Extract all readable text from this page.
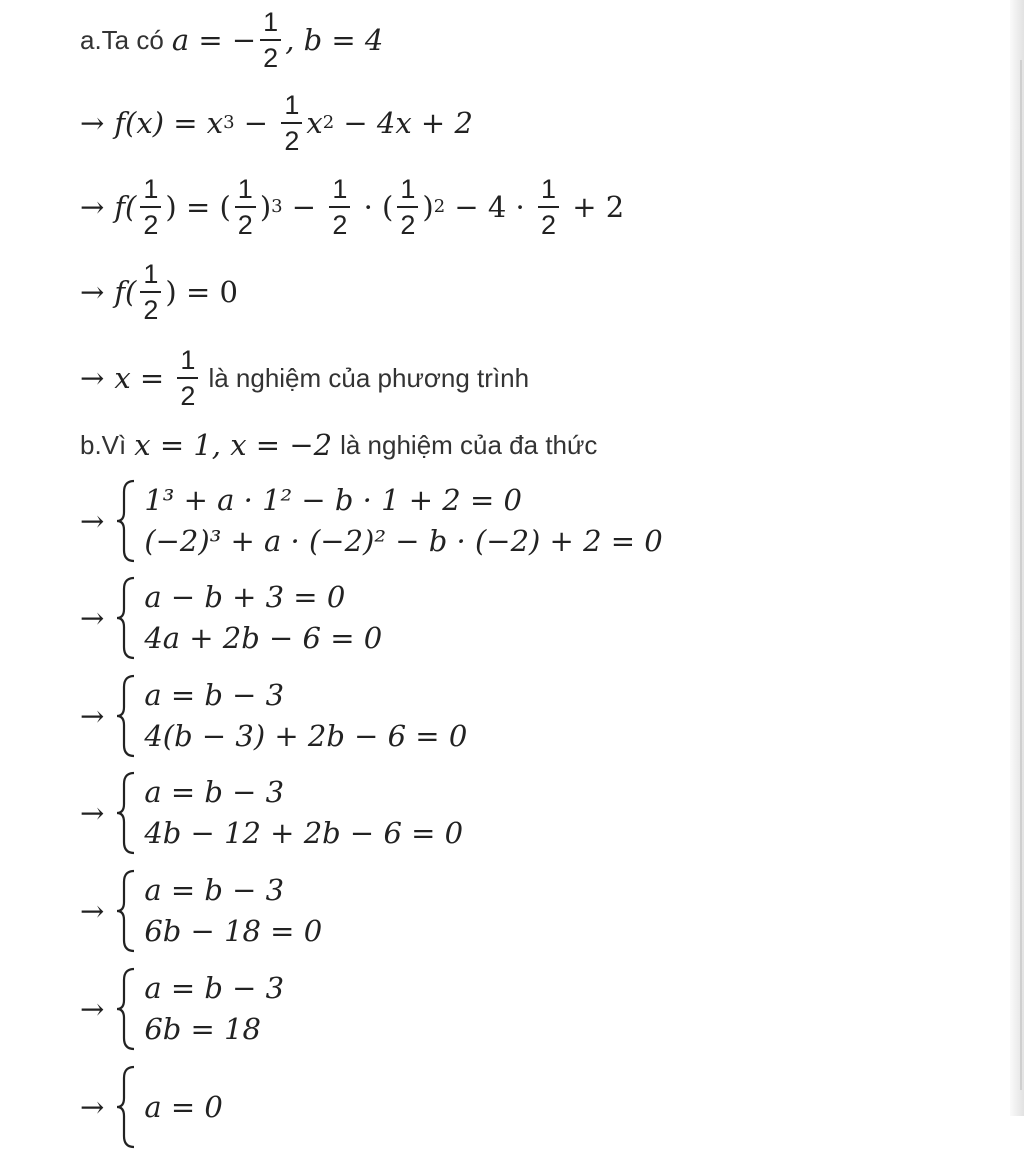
a.Ta có a = − $\frac{1}{2}$ , b = 4
→ f(x) = x $3 - \frac{1}{2}$ x 2 − 4x + 2
→ $f( \frac{1}{2}$ ) = ( $\frac{1}{2}$ ) $3 - \frac{1}{2}$ · ( $\frac{1}{2}$ ) $2 - 4 \cdot \frac{1}{2} + 2$
→ $f( \frac{1}{2}$ ) = 0
→ $x = \frac{1}{2}$ là nghiệm của phương trình
b.Vì x = 1, x = −2 là nghiệm của đa thức
→
1³ + a · 1² − b · 1 + 2 = 0
(−2)³ + a · (−2)² − b · (−2) + 2 = 0
→
a − b + 3 = 0
4a + 2b − 6 = 0
→
a = b − 3
4(b − 3) + 2b − 6 = 0
→
a = b − 3
4b − 12 + 2b − 6 = 0
→
a = b − 3
6b − 18 = 0
→
a = b − 3
6b = 18
→ a = 0
